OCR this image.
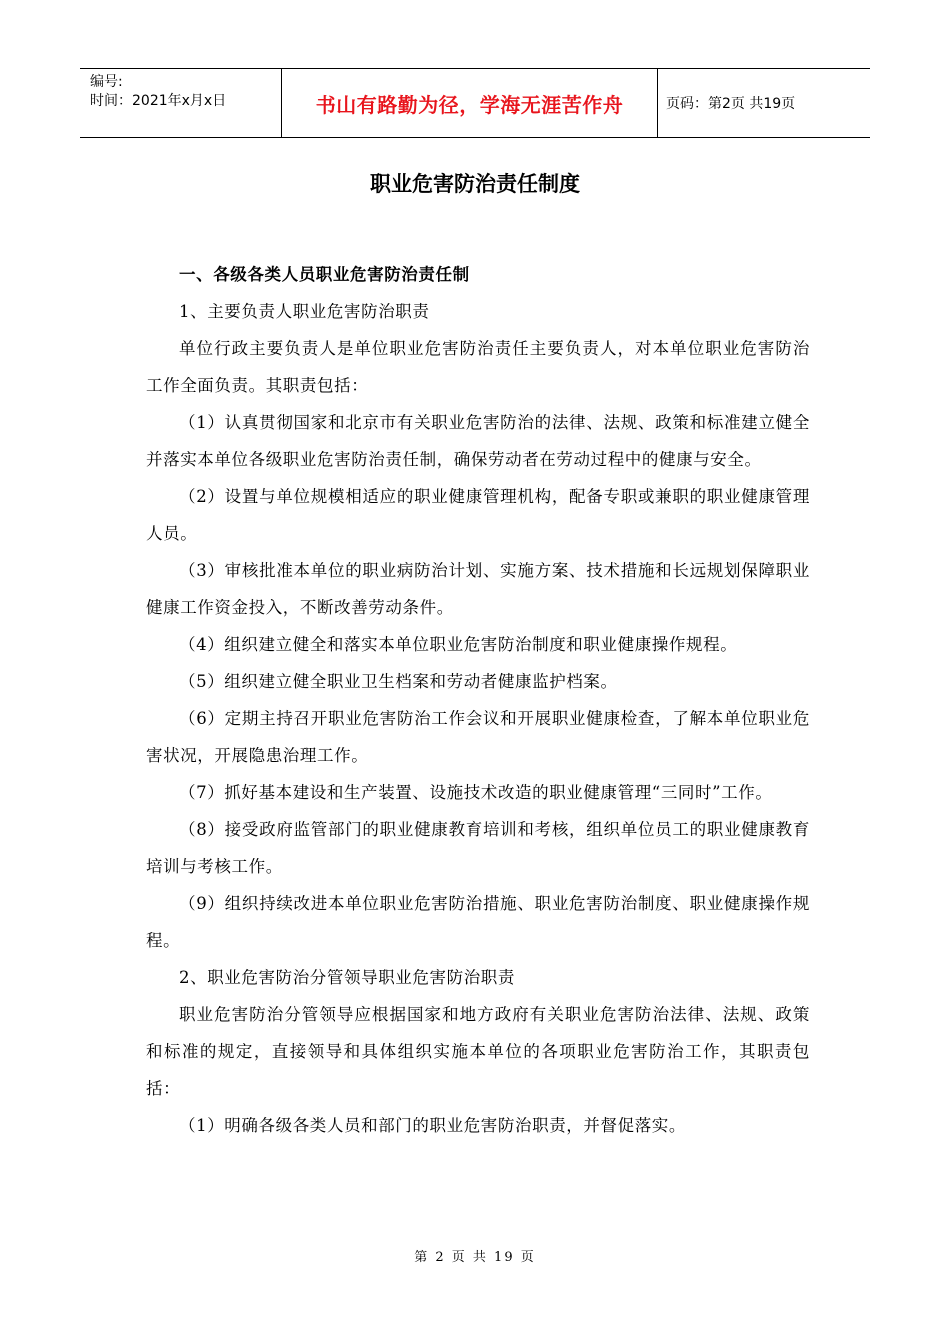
编号:
时间：2021年x月x日	书山有路勤为径，学海无涯苦作舟	页码：第2页 共19页
职业危害防治责任制度

一、各级各类人员职业危害防治责任制

1、主要负责人职业危害防治职责

单位行政主要负责人是单位职业危害防治责任主要负责人，对本单位职业危害防治工作全面负责。其职责包括：

（1）认真贯彻国家和北京市有关职业危害防治的法律、法规、政策和标准建立健全并落实本单位各级职业危害防治责任制，确保劳动者在劳动过程中的健康与安全。

（2）设置与单位规模相适应的职业健康管理机构，配备专职或兼职的职业健康管理人员。

（3）审核批准本单位的职业病防治计划、实施方案、技术措施和长远规划保障职业健康工作资金投入，不断改善劳动条件。

（4）组织建立健全和落实本单位职业危害防治制度和职业健康操作规程。

（5）组织建立健全职业卫生档案和劳动者健康监护档案。

（6）定期主持召开职业危害防治工作会议和开展职业健康检查，了解本单位职业危害状况，开展隐患治理工作。

（7）抓好基本建设和生产装置、设施技术改造的职业健康管理“三同时”工作。

（8）接受政府监管部门的职业健康教育培训和考核，组织单位员工的职业健康教育培训与考核工作。

（9）组织持续改进本单位职业危害防治措施、职业危害防治制度、职业健康操作规程。

2、职业危害防治分管领导职业危害防治职责

职业危害防治分管领导应根据国家和地方政府有关职业危害防治法律、法规、政策和标准的规定，直接领导和具体组织实施本单位的各项职业危害防治工作，其职责包括：

（1）明确各级各类人员和部门的职业危害防治职责，并督促落实。

第 2 页 共 19 页
